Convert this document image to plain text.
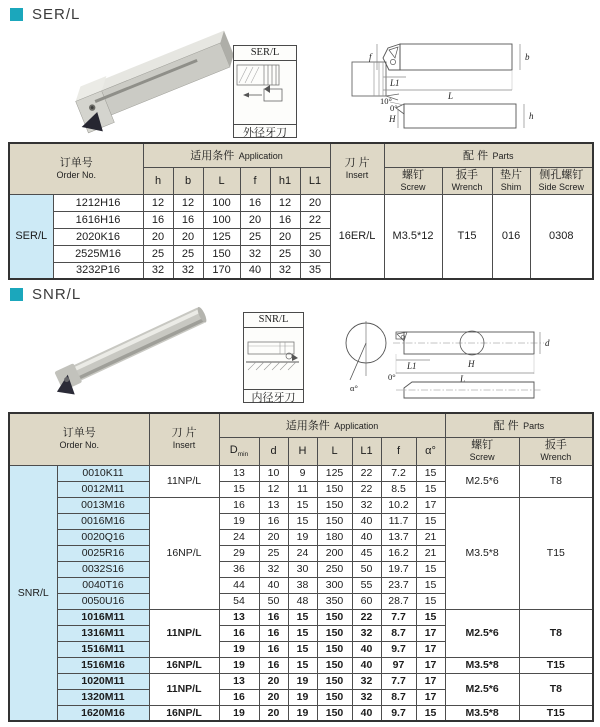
SER/L
SER/L
外径牙刀
0°
f	b
L1
L
10°
H	h
订单号
Order No.		适用条件 Application						刀 片
Insert	配 件 Parts			
		h	b	L	f	h1	L1		螺钉
Screw	扳手
Wrench	垫片
Shim	侧孔螺钉
Side Screw

SER/L	1212H16	12	12	100	16	12	20	16ER/L	M3.5*12	T15	016	0308
	1616H16	16	16	100	20	16	22					
	2020K16	20	20	125	25	20	25					
	2525M16	25	25	150	32	25	30					
	3232P16	32	32	170	40	32	35					
SNR/L
SNR/L
内径牙刀
α°
H
d
L1
L
0°
订单号
Order No.		刀 片
Insert	适用条件 Application							配 件 Parts	
			$D_{min}$	d	H	L	L1	f	α°	螺钉
Screw	扳手
Wrench

SNR/L	0010K11	11NP/L	13	10	9	125	22	7.2	15	M2.5*6	T8
	0012M11		15	12	11	150	22	8.5	15		
	0013M16	16NP/L	16	13	15	150	32	10.2	17	M3.5*8	T15
	0016M16		19	16	15	150	40	11.7	15		
	0020Q16		24	20	19	180	40	13.7	21		
	0025R16		29	25	24	200	45	16.2	21		
	0032S16		36	32	30	250	50	19.7	15		
	0040T16		44	40	38	300	55	23.7	15		
	0050U16		54	50	48	350	60	28.7	15		
	1016M11	11NP/L	13	16	15	150	22	7.7	15	M2.5*6	T8
	1316M11		16	16	15	150	32	8.7	17		
	1516M11		19	16	15	150	40	9.7	17		
	1516M16	16NP/L	19	16	15	150	40	97	17	M3.5*8	T15
	1020M11	11NP/L	13	20	19	150	32	7.7	17	M2.5*6	T8
	1320M11		16	20	19	150	32	8.7	17		
	1620M16	16NP/L	19	20	19	150	40	9.7	15	M3.5*8	T15
